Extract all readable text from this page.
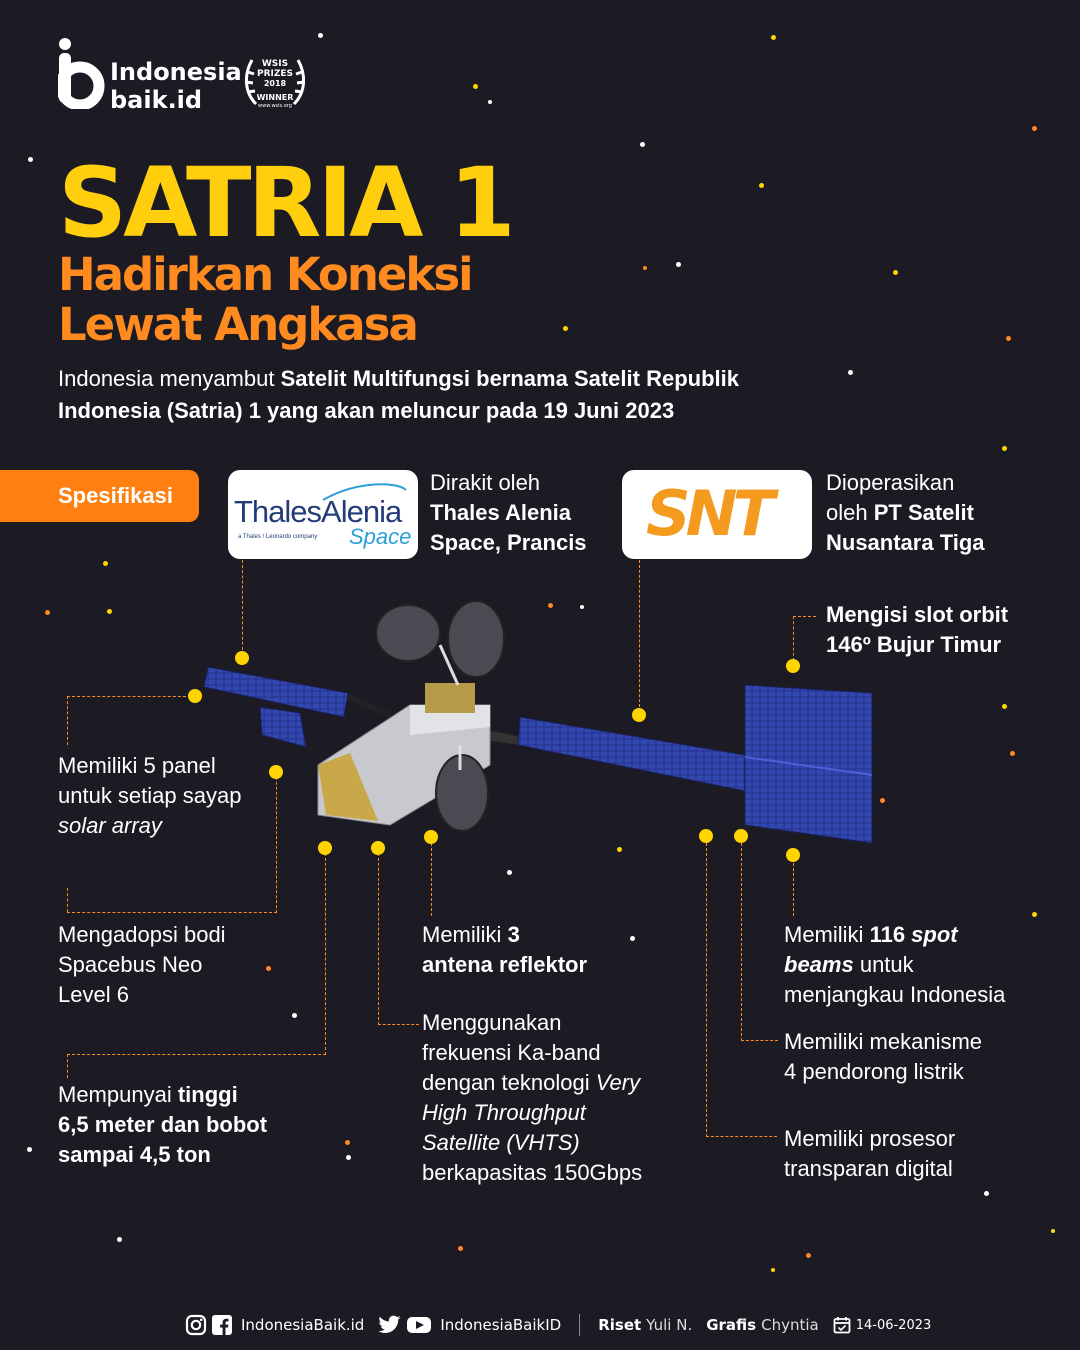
Indonesia
baik.id
WSIS
PRIZES
2018
WINNER
www.wsis.org
SATRIA 1
Hadirkan Koneksi
Lewat Angkasa
Indonesia menyambut Satelit Multifungsi bernama Satelit Republik
Indonesia (Satria) 1 yang akan meluncur pada 19 Juni 2023
Spesifikasi	ThalesAlenia
a Thales / Leonardo company Space
Dirakit oleh
Thales Alenia
Space, Prancis SNT	Dioperasikan
oleh PT Satelit
Nusantara Tiga
Mengisi slot orbit
146º Bujur Timur
Memiliki 5 panel
untuk setiap sayap
solar array
Mengadopsi bodi
Spacebus Neo
Level 6
Mempunyai tinggi
6,5 meter dan bobot
sampai 4,5 ton
Memiliki 3
antena reflektor
Menggunakan
frekuensi Ka-band
dengan teknologi Very
High Throughput
Satellite (VHTS)
berkapasitas 150Gbps
Memiliki 116 spot
beams untuk
menjangkau Indonesia
Memiliki mekanisme
4 pendorong listrik
Memiliki prosesor
transparan digital
IndonesiaBaik.id	IndonesiaBaikID Riset Yuli N. Grafis Chyntia	14-06-2023
